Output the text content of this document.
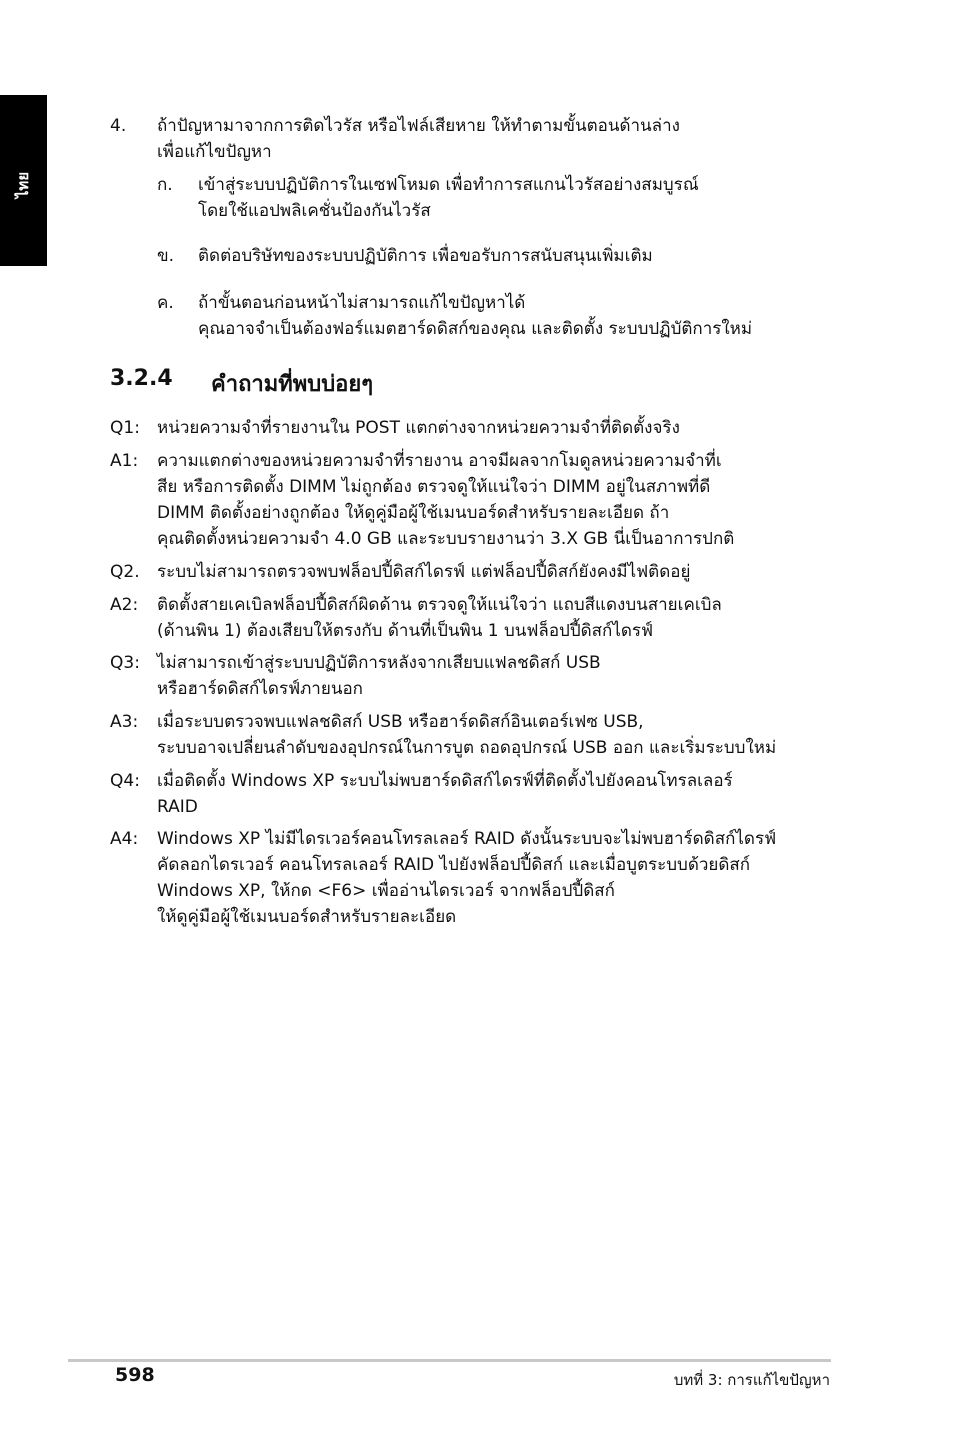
ไทย
4. ถ้าปัญหามาจากการติดไวรัส หรือไฟล์เสียหาย ให้ทำตามขั้นตอนด้านล่าง
เพื่อแก้ไขปัญหา
ก. เข้าสู่ระบบปฏิบัติการในเซฟโหมด เพื่อทำการสแกนไวรัสอย่างสมบูรณ์
โดยใช้แอปพลิเคชั่นป้องกันไวรัส
ข. ติดต่อบริษัทของระบบปฏิบัติการ เพื่อขอรับการสนับสนุนเพิ่มเติม
ค. ถ้าขั้นตอนก่อนหน้าไม่สามารถแก้ไขปัญหาได้
คุณอาจจำเป็นต้องฟอร์แมตฮาร์ดดิสก์ของคุณ และติดตั้ง ระบบปฏิบัติการใหม่
3.2.4 คำถามที่พบบ่อยๆ
Q1: หน่วยความจำที่รายงานใน POST แตกต่างจากหน่วยความจำที่ติดตั้งจริง
A1: ความแตกต่างของหน่วยความจำที่รายงาน อาจมีผลจากโมดูลหน่วยความจำที่เ
สีย หรือการติดตั้ง DIMM ไม่ถูกต้อง ตรวจดูให้แน่ใจว่า DIMM อยู่ในสภาพที่ดี
DIMM ติดตั้งอย่างถูกต้อง ให้ดูคู่มือผู้ใช้เมนบอร์ดสำหรับรายละเอียด ถ้า
คุณติดตั้งหน่วยความจำ 4.0 GB และระบบรายงานว่า 3.X GB นี่เป็นอาการปกติ
Q2. ระบบไม่สามารถตรวจพบฟล็อปปี้ดิสก์ไดรฟ์ แต่ฟล็อปปี้ดิสก์ยังคงมีไฟติดอยู่
A2: ติดตั้งสายเคเบิลฟล็อปปี้ดิสก์ผิดด้าน ตรวจดูให้แน่ใจว่า แถบสีแดงบนสายเคเบิล
(ด้านพิน 1) ต้องเสียบให้ตรงกับ ด้านที่เป็นพิน 1 บนฟล็อปปี้ดิสก์ไดรฟ์
Q3: ไม่สามารถเข้าสู่ระบบปฏิบัติการหลังจากเสียบแฟลชดิสก์ USB
หรือฮาร์ดดิสก์ไดรฟ์ภายนอก
A3: เมื่อระบบตรวจพบแฟลชดิสก์ USB หรือฮาร์ดดิสก์อินเตอร์เฟซ USB,
ระบบอาจเปลี่ยนลำดับของอุปกรณ์ในการบูต ถอดอุปกรณ์ USB ออก และเริ่มระบบใหม่
Q4: เมื่อติดตั้ง Windows XP ระบบไม่พบฮาร์ดดิสก์ไดรฟ์ที่ติดตั้งไปยังคอนโทรลเลอร์
RAID
A4: Windows XP ไม่มีไดรเวอร์คอนโทรลเลอร์ RAID ดังนั้นระบบจะไม่พบฮาร์ดดิสก์ไดรฟ์
คัดลอกไดรเวอร์ คอนโทรลเลอร์ RAID ไปยังฟล็อปปี้ดิสก์ และเมื่อบูตระบบด้วยดิสก์
Windows XP, ให้กด <F6> เพื่ออ่านไดรเวอร์ จากฟล็อปปี้ดิสก์
ให้ดูคู่มือผู้ใช้เมนบอร์ดสำหรับรายละเอียด
598	บทที่ 3: การแก้ไขปัญหา
